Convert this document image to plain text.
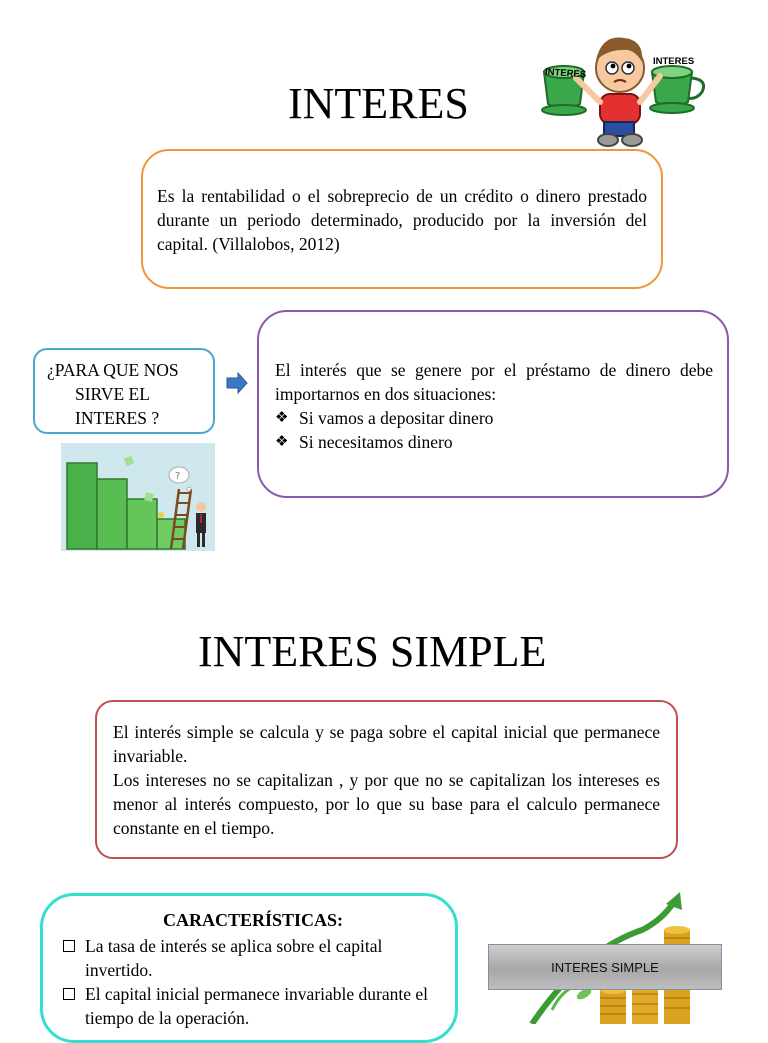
INTERES
INTERES
INTERES

Es la rentabilidad o el sobreprecio de un crédito o dinero prestado durante un periodo determinado, producido por la inversión del capital. (Villalobos, 2012)

¿PARA QUE NOS
SIRVE EL
INTERES ?

El interés que se genere por el préstamo de dinero debe importarnos en dos situaciones:

❖ Si vamos a depositar dinero
❖ Si necesitamos dinero
?
INTERES SIMPLE

El interés simple se calcula y se paga sobre el capital inicial que permanece invariable.

Los intereses no se capitalizan , y por que no se capitalizan los intereses es menor al interés compuesto, por lo que su base para el calculo permanece constante en el tiempo.

CARACTERÍSTICAS:
La tasa de interés se aplica sobre el capital invertido.
El capital inicial permanece invariable durante el tiempo de la operación.
INTERES SIMPLE
